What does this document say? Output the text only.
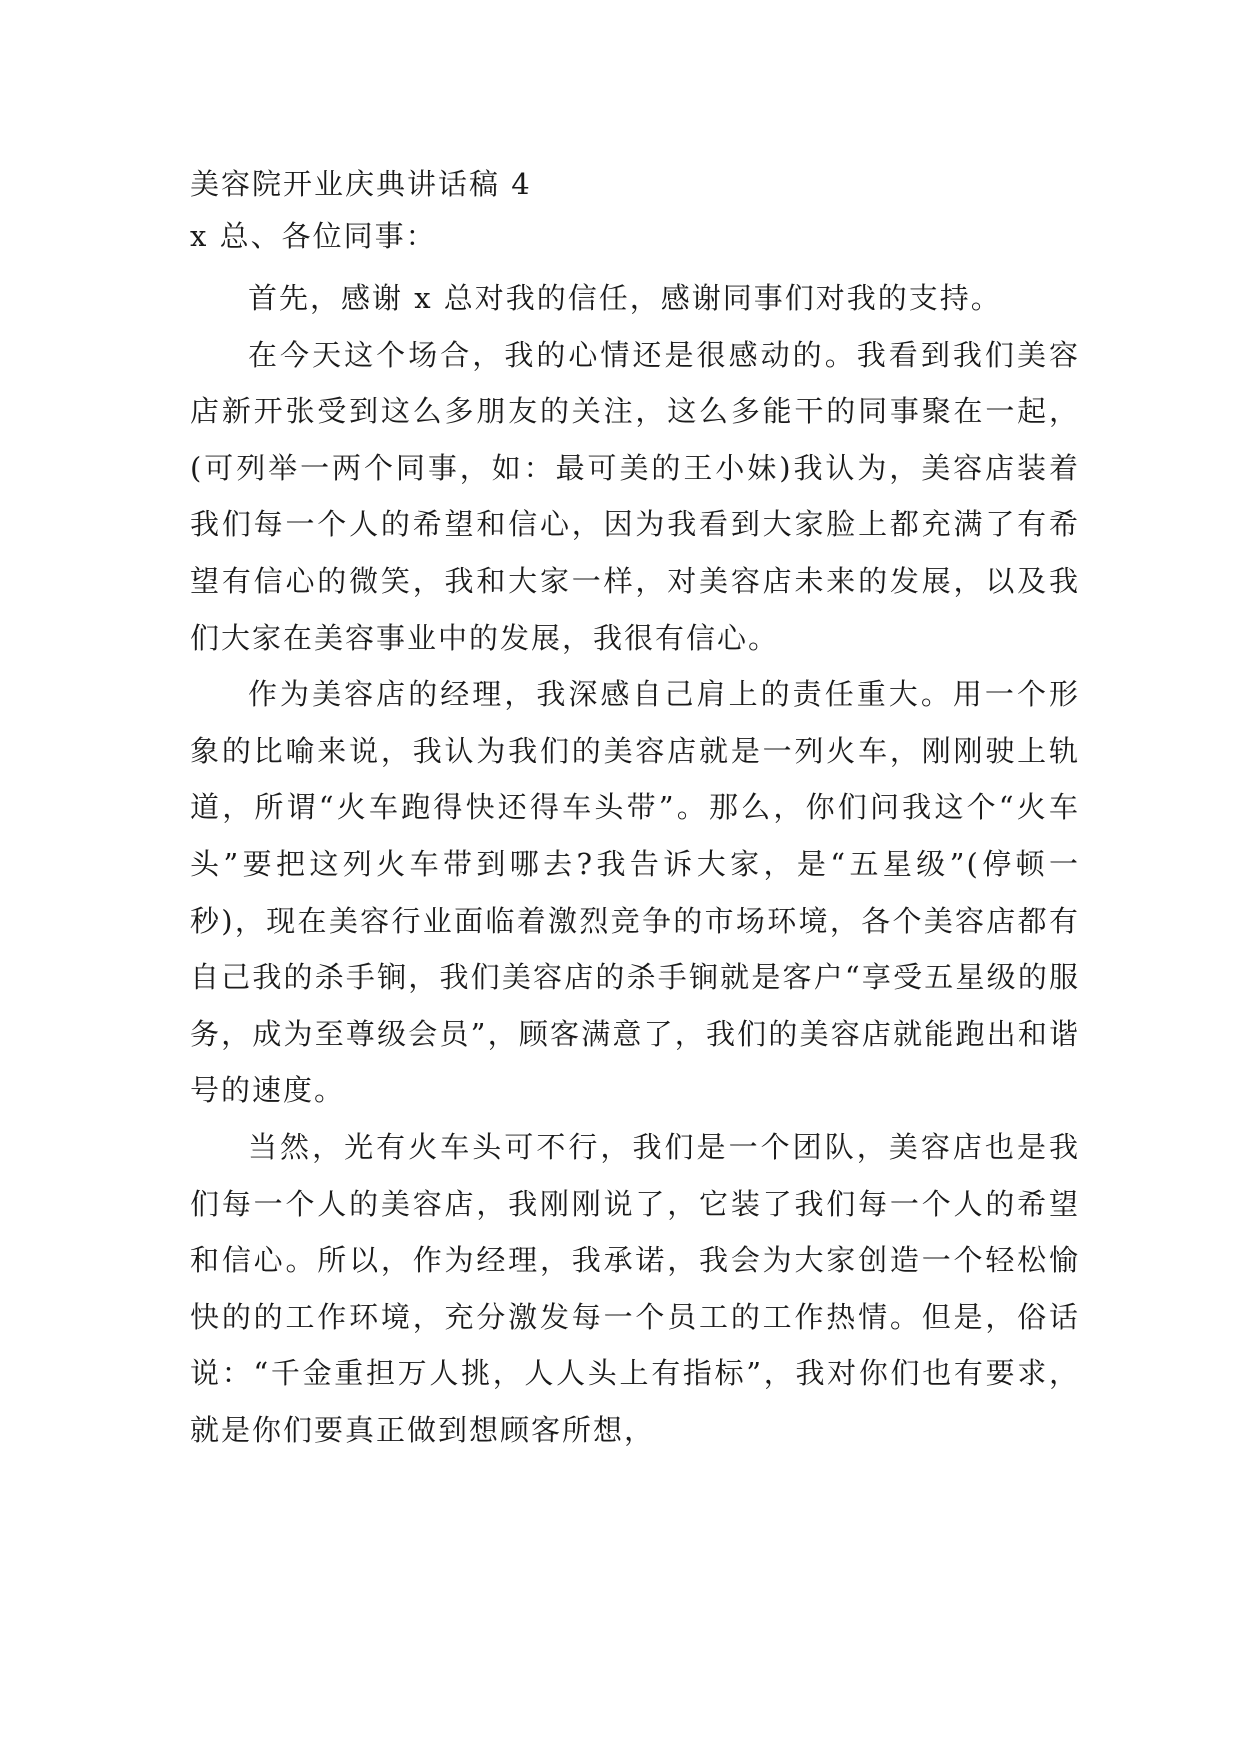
美容院开业庆典讲话稿 4

x 总、各位同事：

首先，感谢 x 总对我的信任，感谢同事们对我的支持。

在今天这个场合，我的心情还是很感动的。我看到我们美容店新开张受到这么多朋友的关注，这么多能干的同事聚在一起，(可列举一两个同事，如：最可美的王小妹)我认为，美容店装着我们每一个人的希望和信心，因为我看到大家脸上都充满了有希望有信心的微笑，我和大家一样，对美容店未来的发展，以及我们大家在美容事业中的发展，我很有信心。

作为美容店的经理，我深感自己肩上的责任重大。用一个形象的比喻来说，我认为我们的美容店就是一列火车，刚刚驶上轨道，所谓“火车跑得快还得车头带”。那么，你们问我这个“火车头”要把这列火车带到哪去?我告诉大家，是“五星级”(停顿一秒)，现在美容行业面临着激烈竞争的市场环境，各个美容店都有自己我的杀手锏，我们美容店的杀手锏就是客户“享受五星级的服务，成为至尊级会员”，顾客满意了，我们的美容店就能跑出和谐号的速度。

当然，光有火车头可不行，我们是一个团队，美容店也是我们每一个人的美容店，我刚刚说了，它装了我们每一个人的希望和信心。所以，作为经理，我承诺，我会为大家创造一个轻松愉快的的工作环境，充分激发每一个员工的工作热情。但是，俗话说：“千金重担万人挑，人人头上有指标”，我对你们也有要求，就是你们要真正做到想顾客所想，
